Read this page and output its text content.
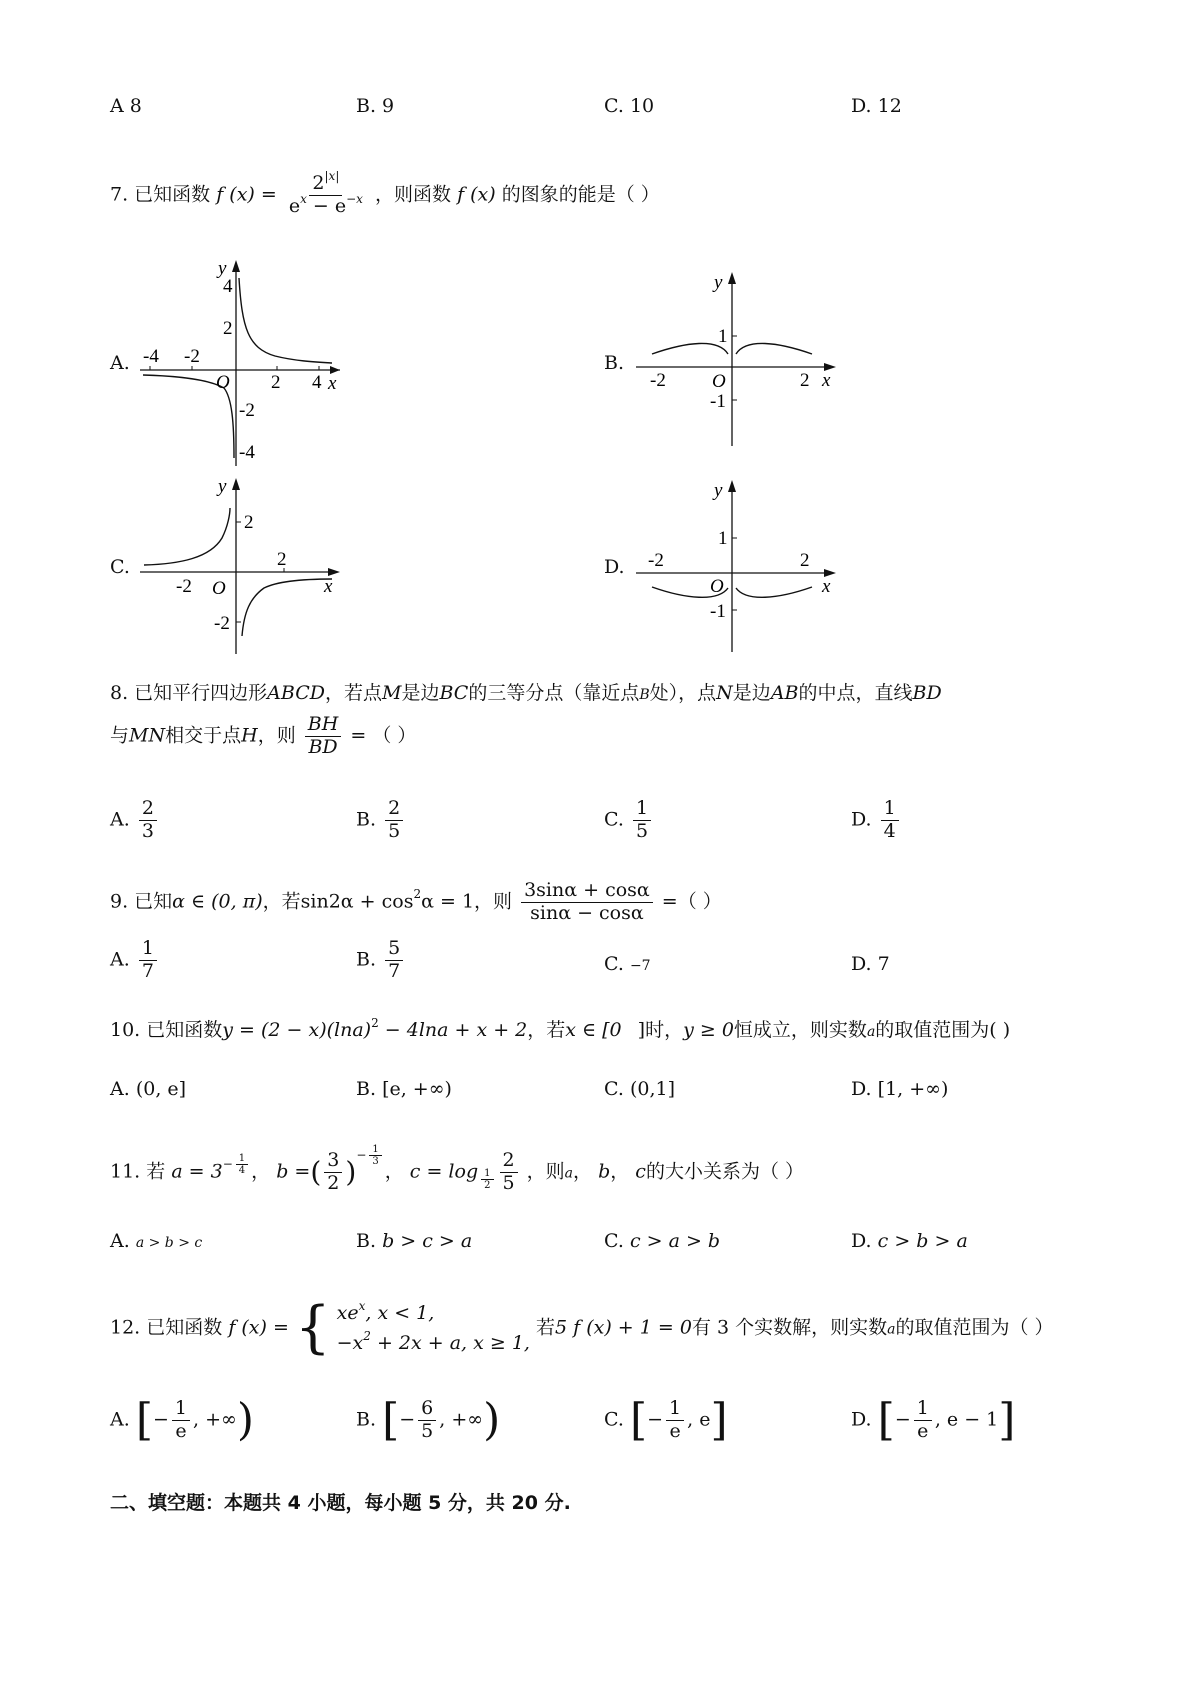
A 8	B. 9	C. 10	D. 12
7. 已知函数 f $(x) = \frac{2^{|x|}}{e^x - e^{-x}}$ ，则函数 f (x) 的图象的能是（ ）
A.	B.
C.	D.
y
x
O
-4 -2
2 4
4
2
-2
-4
y
x
O
-2	2
1
-1
y
x
O
-2
2
2
-2
y
x
O
-2	2
1
-1
8. 已知平行四边形ABCD，若点M是边BC的三等分点（靠近点B处），点N是边AB的中点，直线BD
与MN相交于点H，则 $\frac{BH}{BD}$ = （ ）
A. $\frac{2}{3}$	B. $\frac{2}{5}$	C. $\frac{1}{5}$	D. $\frac{1}{4}$
9. 已知α ∈ (0, π)，若$\sin 2\alpha + \cos^2\alpha = 1$，则 $\frac{3\sin\alpha + \cos\alpha}{\sin\alpha - \cos\alpha}$ =（ ）
A. $\frac{1}{7}$	B. $\frac{5}{7}$	C. −7	D. 7
10. 已知函数$y = (2 - x)(\ln a)^2 - 4\ln a + x + 2$，若x ∈ [0 ]时，y ≥ 0恒成立，则实数a的取值范围为( )
A. (0, e]	B. [e, +∞)	C. (0,1]	D. [1, +∞)
11. 若 $a = 3^{- \frac{1}{4}}$ ， b =( $\frac{3}{2} )^{- \frac{1}{3}}$
， $c = \log _{\frac{1}{2}} \frac{2}{5}$ ，则a， b， c的大小关系为（ ）
A. a > b > c	B. b > c > a	C. c > a > b	D. c > b > a
12. 已知函数 f (x) = { $xe^x$, x < 1,
$-x^2 + 2x + a$, x ≥ 1,
若5 f (x) + 1 = 0有 3 个实数解，则实数a的取值范围为（ ）
A. [− $\frac{1}{e}$ , +∞)	B. [− $\frac{6}{5}$ , +∞)	C. [− $\frac{1}{e}$ , e]	D. [− $\frac{1}{e}$ , e − 1]
二、填空题：本题共 4 小题，每小题 5 分，共 20 分.
